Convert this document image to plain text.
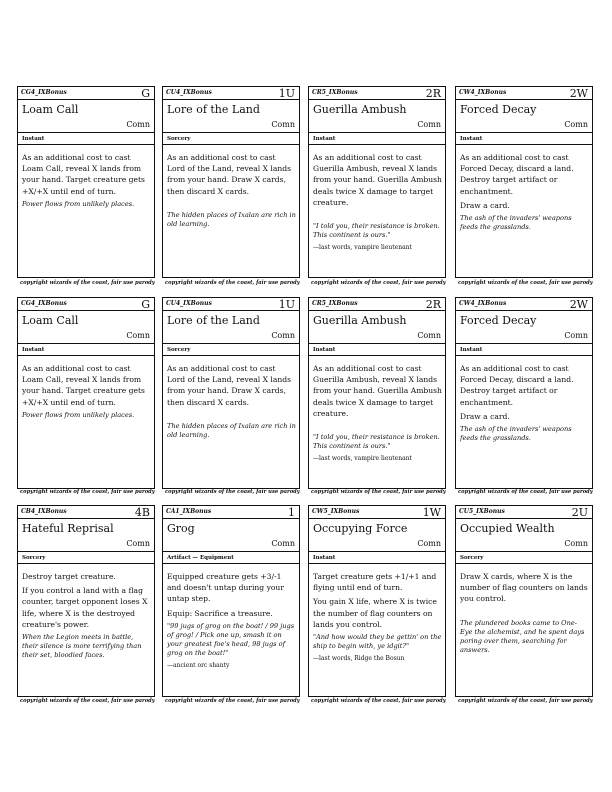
CG4_IXBonus	G
Loam Call
Comn
Instant

As an additional cost to cast Loam Call, reveal X lands from your hand. Target creature gets +X/+X until end of turn.

Power flows from unlikely places.

copyright wizards of the coast, fair use parody
CU4_IXBonus	1U
Lore of the Land
Comn
Sorcery

As an additional cost to cast Lord of the Land, reveal X lands from your hand. Draw X cards, then discard X cards.

The hidden places of Ixalan are rich in old learning.

copyright wizards of the coast, fair use parody
CR5_IXBonus	2R
Guerilla Ambush
Comn
Instant

As an additional cost to cast Guerilla Ambush, reveal X lands from your hand. Guerilla Ambush deals twice X damage to target creature.

"I told you, their resistance is broken. This continent is ours."

—last words, vampire lieutenant

copyright wizards of the coast, fair use parody
CW4_IXBonus	2W
Forced Decay
Comn
Instant

As an additional cost to cast Forced Decay, discard a land. Destroy target artifact or enchantment.

Draw a card.

The ash of the invaders' weapons feeds the grasslands.

copyright wizards of the coast, fair use parody
CG4_IXBonus	G
Loam Call
Comn
Instant

As an additional cost to cast Loam Call, reveal X lands from your hand. Target creature gets +X/+X until end of turn.

Power flows from unlikely places.

copyright wizards of the coast, fair use parody
CU4_IXBonus	1U
Lore of the Land
Comn
Sorcery

As an additional cost to cast Lord of the Land, reveal X lands from your hand. Draw X cards, then discard X cards.

The hidden places of Ixalan are rich in old learning.

copyright wizards of the coast, fair use parody
CR5_IXBonus	2R
Guerilla Ambush
Comn
Instant

As an additional cost to cast Guerilla Ambush, reveal X lands from your hand. Guerilla Ambush deals twice X damage to target creature.

"I told you, their resistance is broken. This continent is ours."

—last words, vampire lieutenant

copyright wizards of the coast, fair use parody
CW4_IXBonus	2W
Forced Decay
Comn
Instant

As an additional cost to cast Forced Decay, discard a land. Destroy target artifact or enchantment.

Draw a card.

The ash of the invaders' weapons feeds the grasslands.

copyright wizards of the coast, fair use parody
CB4_IXBonus	4B
Hateful Reprisal
Comn
Sorcery

Destroy target creature.

If you control a land with a flag counter, target opponent loses X life, where X is the destroyed creature's power.

When the Legion meets in battle, their silence is more terrifying than their set, bloodied faces.

copyright wizards of the coast, fair use parody
CA1_IXBonus	1
Grog
Comn
Artifact — Equipment

Equipped creature gets +3/-1 and doesn't untap during your untap step.

Equip: Sacrifice a treasure.

"99 jugs of grog on the boat! / 99 jugs of grog! / Pick one up, smash it on your greatest foe's head, 98 jugs of grog on the boat!"

—ancient orc shanty

copyright wizards of the coast, fair use parody
CW5_IXBonus	1W
Occupying Force
Comn
Instant

Target creature gets +1/+1 and flying until end of turn.

You gain X life, where X is twice the number of flag counters on lands you control.

"And how would they be gettin' on the ship to begin with, ye idgit?"

—last words, Ridge the Bosun

copyright wizards of the coast, fair use parody
CU5_IXBonus	2U
Occupied Wealth
Comn
Sorcery

Draw X cards, where X is the number of flag counters on lands you control.

The plundered books came to One-Eye the alchemist, and he spent days poring over them, searching for answers.

copyright wizards of the coast, fair use parody
